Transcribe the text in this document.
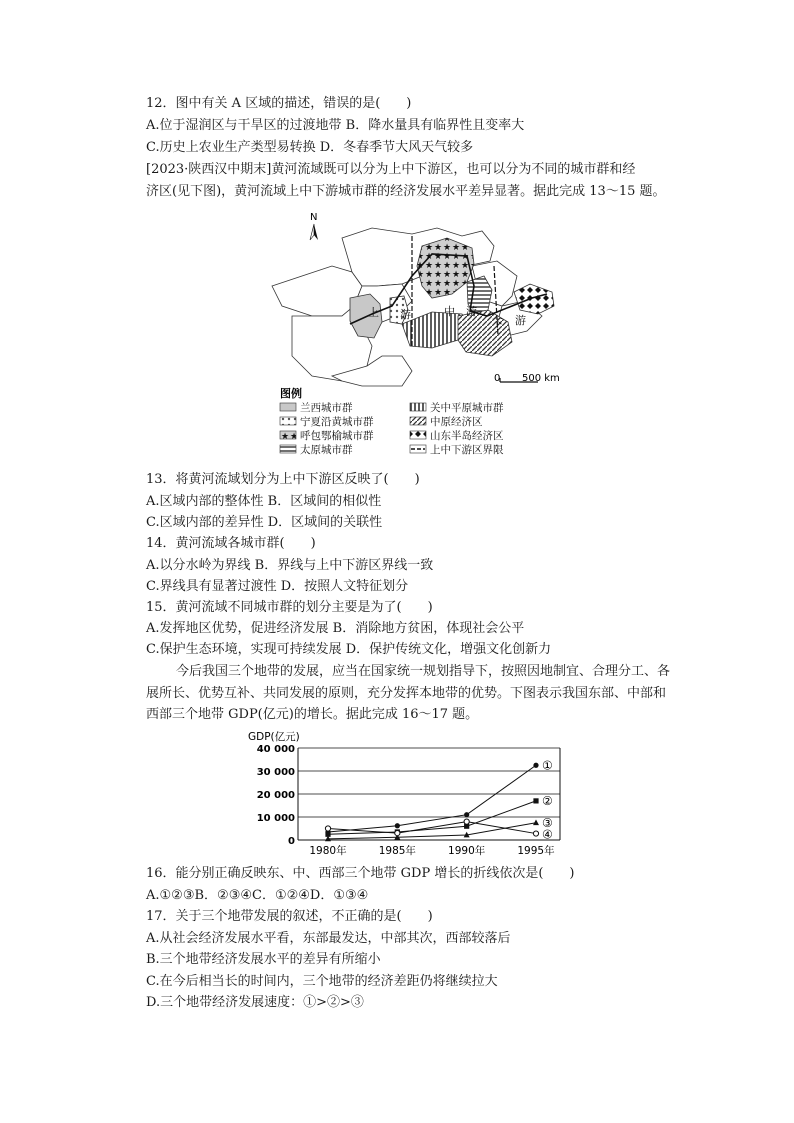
12．图中有关 A 区域的描述，错误的是(　　)
A.位于湿润区与干旱区的过渡地带 B．降水量具有临界性且变率大
C.历史上农业生产类型易转换 D．冬春季节大风天气较多
[2023·陕西汉中期末]黄河流域既可以分为上中下游区，也可以分为不同的城市群和经
济区(见下图)，黄河流域上中下游城市群的经济发展水平差异显著。据此完成 13～15 题。
N
上 游	中 游
下 游
0 500 km
图例
兰西城市群
宁夏沿黄城市群
呼包鄂榆城市群
太原城市群
关中平原城市群
中原经济区
山东半岛经济区
上中下游区界限
13．将黄河流域划分为上中下游区反映了(　　)
A.区域内部的整体性 B．区域间的相似性
C.区域内部的差异性 D．区域间的关联性
14．黄河流域各城市群(　　)
A.以分水岭为界线 B．界线与上中下游区界线一致
C.界线具有显著过渡性 D．按照人文特征划分
15．黄河流域不同城市群的划分主要是为了(　　)
A.发挥地区优势，促进经济发展 B．消除地方贫困，体现社会公平
C.保护生态环境，实现可持续发展 D．保护传统文化，增强文化创新力
今后我国三个地带的发展，应当在国家统一规划指导下，按照因地制宜、合理分工、各
展所长、优势互补、共同发展的原则，充分发挥本地带的优势。下图表示我国东部、中部和
西部三个地带 GDP(亿元)的增长。据此完成 16～17 题。
GDP(亿元)
40 000
30 000
20 000
10 000
0
1980年	1985年	1990年	1995年
①
②
③
④
16．能分别正确反映东、中、西部三个地带 GDP 增长的折线依次是(　　)
A.①②③B．②③④C．①②④D．①③④
17．关于三个地带发展的叙述，不正确的是(　　)
A.从社会经济发展水平看，东部最发达，中部其次，西部较落后
B.三个地带经济发展水平的差异有所缩小
C.在今后相当长的时间内，三个地带的经济差距仍将继续拉大
D.三个地带经济发展速度：①>②>③
